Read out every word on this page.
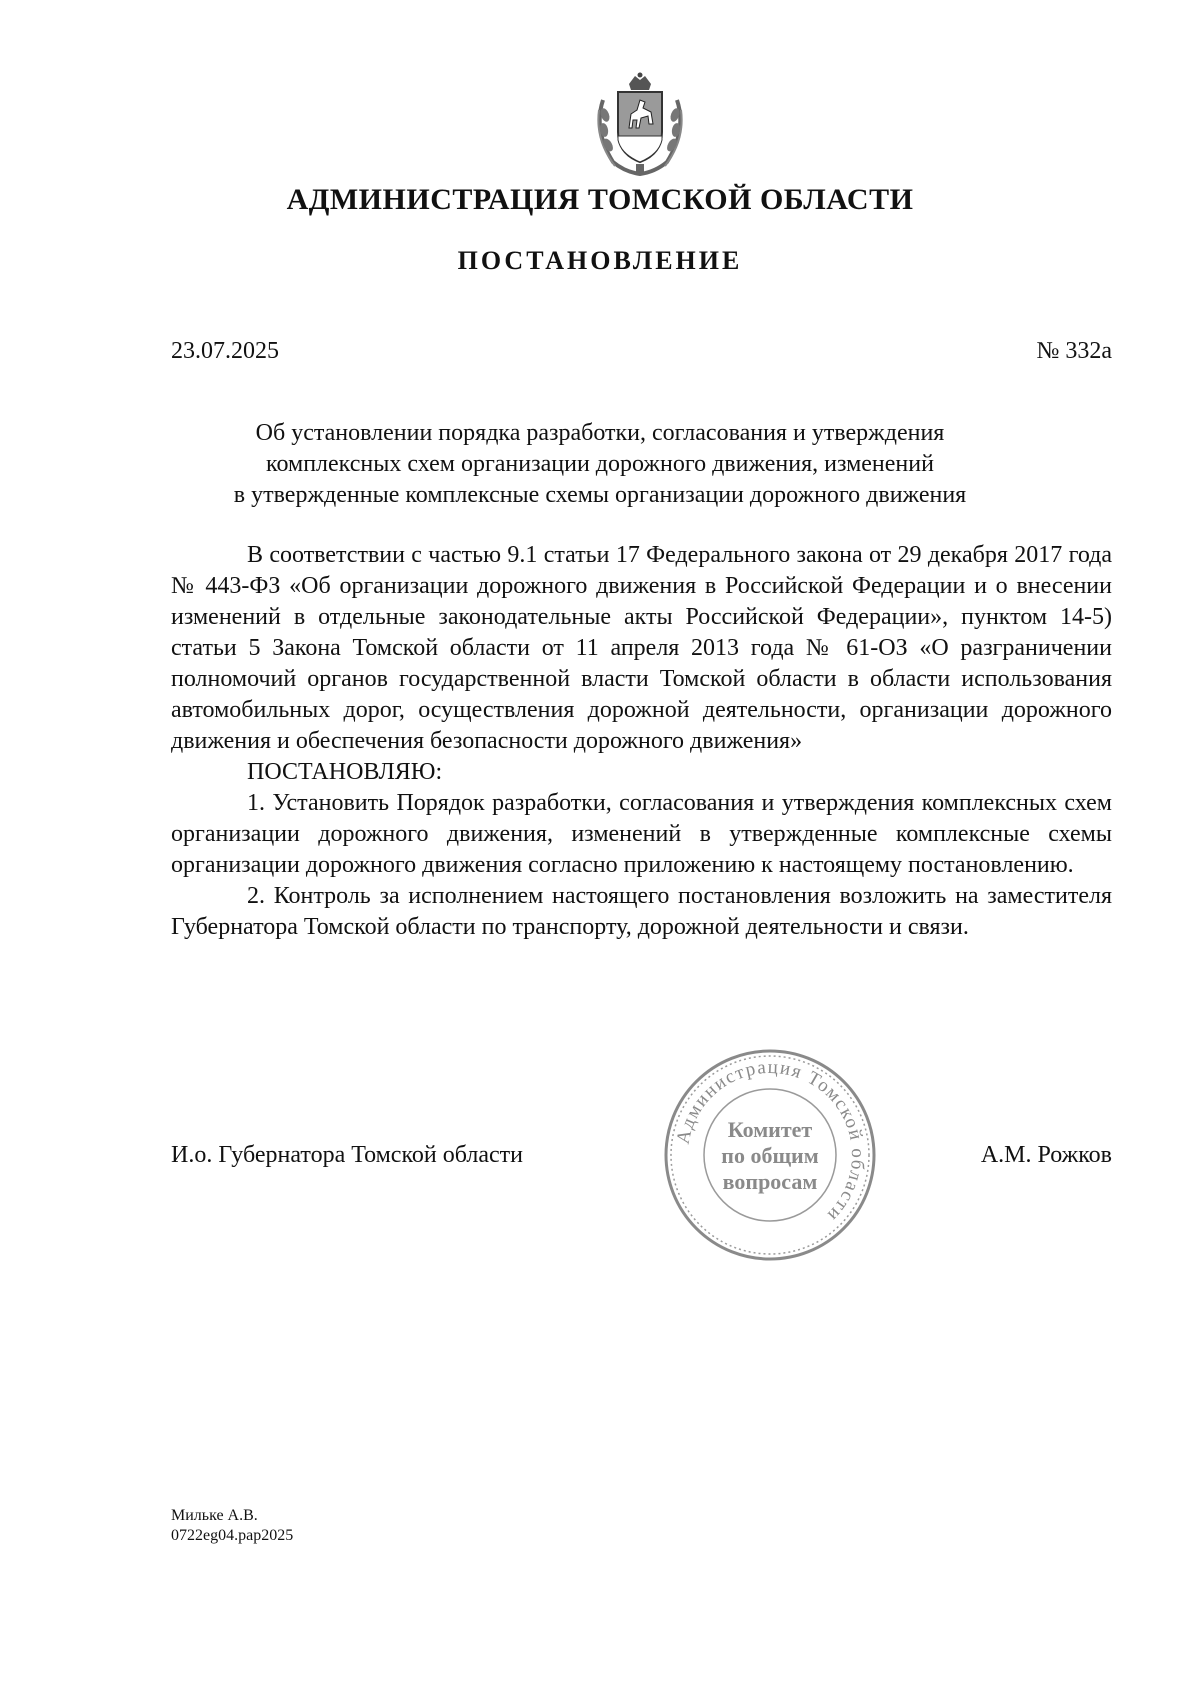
АДМИНИСТРАЦИЯ ТОМСКОЙ ОБЛАСТИ
ПОСТАНОВЛЕНИЕ
23.07.2025	№ 332а
Об установлении порядка разработки, согласования и утверждения
комплексных схем организации дорожного движения, изменений
в утвержденные комплексные схемы организации дорожного движения

В соответствии с частью 9.1 статьи 17 Федерального закона от 29 декабря 2017 года № 443-ФЗ «Об организации дорожного движения в Российской Федерации и о внесении изменений в отдельные законодательные акты Российской Федерации», пунктом 14-5) статьи 5 Закона Томской области от 11 апреля 2013 года № 61-ОЗ «О разграничении полномочий органов государственной власти Томской области в области использования автомобильных дорог, осуществления дорожной деятельности, организации дорожного движения и обеспечения безопасности дорожного движения»

ПОСТАНОВЛЯЮ:

1. Установить Порядок разработки, согласования и утверждения комплексных схем организации дорожного движения, изменений в утвержденные комплексные схемы организации дорожного движения согласно приложению к настоящему постановлению.

2. Контроль за исполнением настоящего постановления возложить на заместителя Губернатора Томской области по транспорту, дорожной деятельности и связи.

И.о. Губернатора Томской области
Администрация Томской области
Комитет
по общим
вопросам
А.М. Рожков
Мильке А.В.
0722eg04.pap2025
